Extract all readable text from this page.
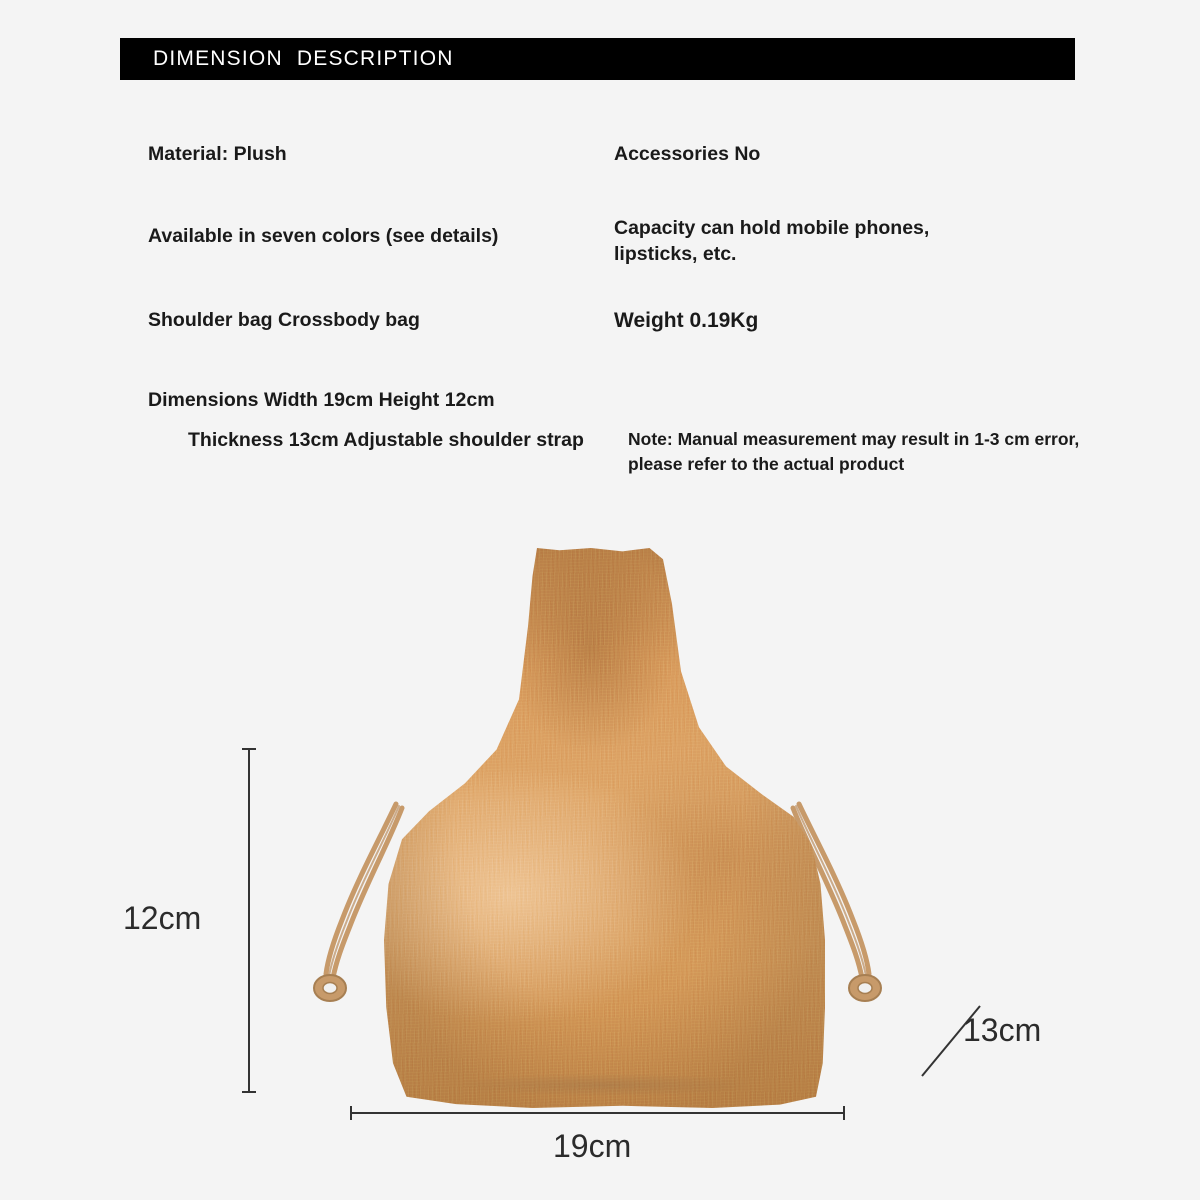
DIMENSION  DESCRIPTION
Material: Plush
Available in seven colors (see details)
Shoulder bag Crossbody bag
Dimensions Width 19cm Height 12cm
Thickness 13cm Adjustable shoulder strap
Accessories No
Capacity can hold mobile phones, lipsticks, etc.
Weight 0.19Kg
Note: Manual measurement may result in 1-3 cm error, please refer to the actual product
12cm
19cm
13cm
